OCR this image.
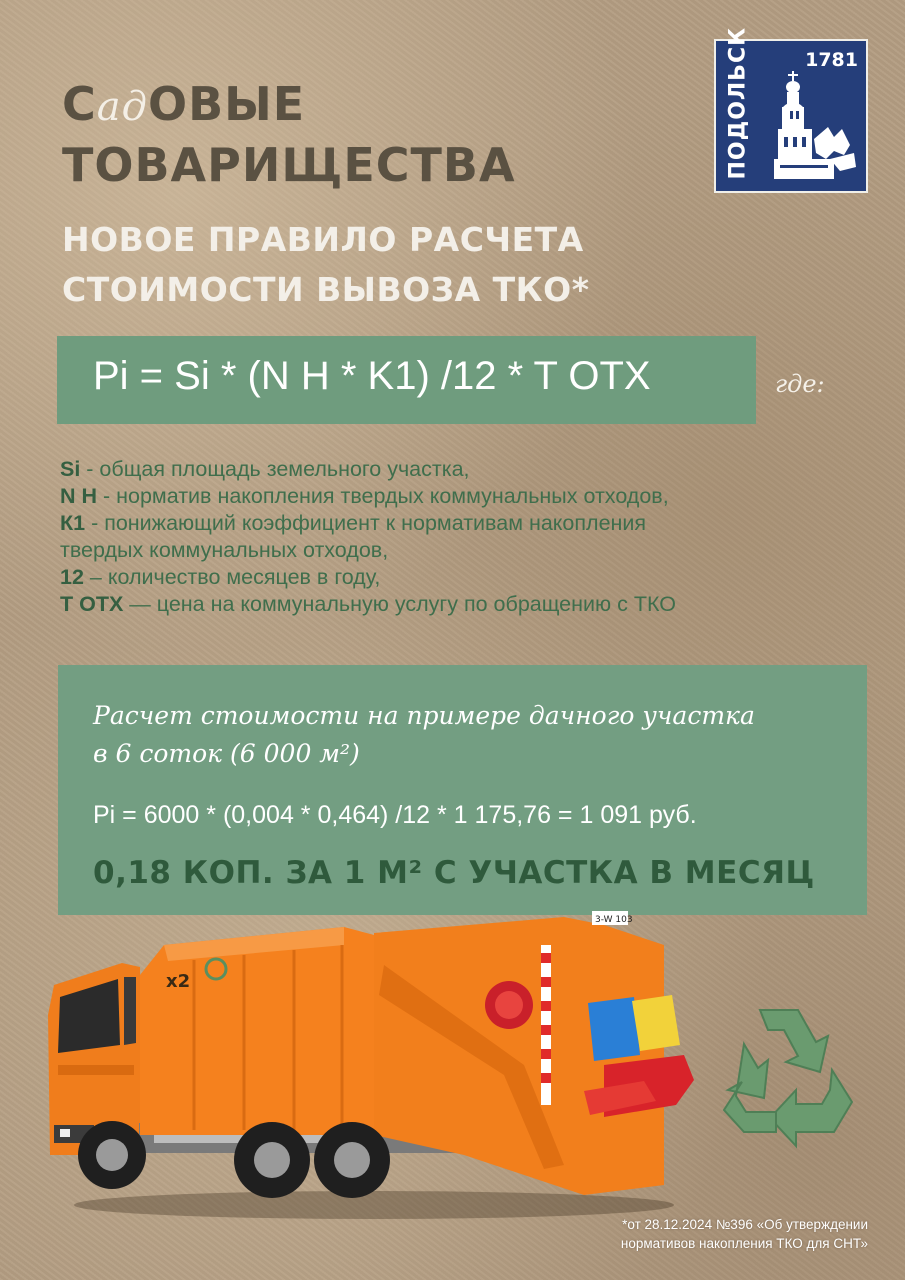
СадОВЫЕ
ТОВАРИЩЕСТВА
НОВОЕ ПРАВИЛО РАСЧЕТА
СТОИМОСТИ ВЫВОЗА ТКО*
1781
ПОДОЛЬСК
Pi = Si * (N H * K1) /12 * T OTX	где:
Si - общая площадь земельного участка,
N H - норматив накопления твердых коммунальных отходов,
К1 - понижающий коэффициент к нормативам накопления
твердых коммунальных отходов,
12 – количество месяцев в году,
T OTX — цена на коммунальную услугу по обращению с ТКО
Расчет стоимости на примере дачного участка
в 6 соток (6 000 м²)
Pi = 6000 * (0,004 * 0,464) /12 * 1 175,76 = 1 091 руб.
0,18 КОП. ЗА 1 М² С УЧАСТКА В МЕСЯЦ
x2
3-W 103
*от 28.12.2024 №396 «Об утверждении
нормативов накопления ТКО для СНТ»
